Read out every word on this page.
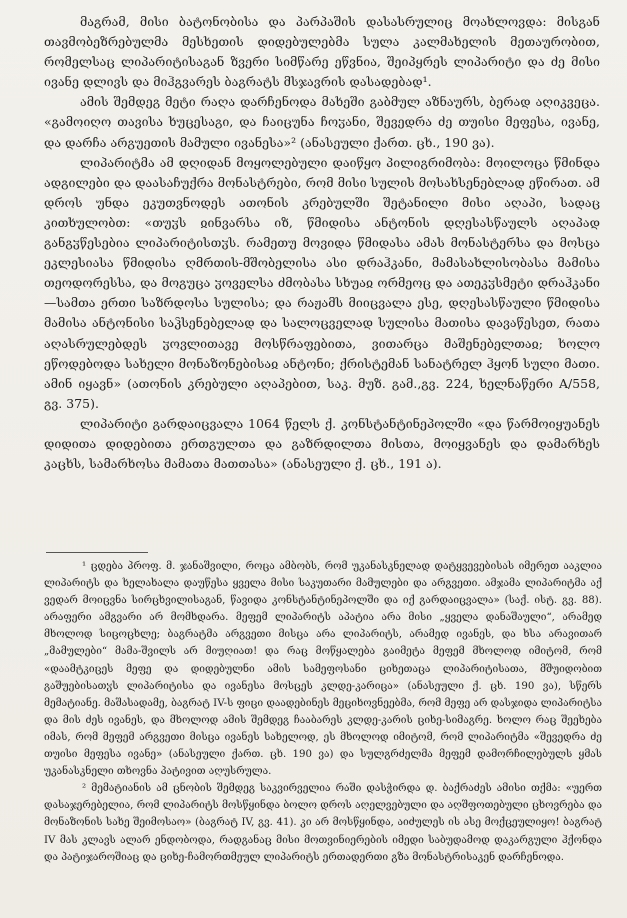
მაგრამ, მისი ბატონობისა და პარპაშის დასასრულიც მოახლოვდა: მისგან თავმობეზრებულმა მესხეთის დიდებულებმა სულა კალმახელის მეთაურობით, რომელსაც ლიპარიტისაგან ზვერი სიმწარე ეწვნია, შეიპყრეს ლიპარიტი და ძე მისი ივანე დლივს და მიჰგვარეს ბაგრატს მსჯავრის დასადებად¹.

ამის შემდეგ მეტი რაღა დარჩენოდა მახეში გაბმულ აზნაურს, ბერად აღიკვეცა. «გამოიღო თავისა ხუცესაგი, და ჩაიცუნა ჩოჳანი, შევედრა ძე თუისი მეფესა, ივანე, და დარჩა არგუეთის მამული ივანესა»² (ანასეული ქართ. ცხ., 190 ვა).

ლიპარიტმა ამ დღიდან მოყოლებული დაიწყო პილიგრიმობა: მოილოცა წმინდა ადგილები და დაასაჩუქრა მონასტრები, რომ მისი სულის მოსახსენებლად ეწირათ. ამ დროს უნდა ეკუთვნოდეს ათონის კრებულში შეტანილი მისი აღაპი, სადაც კითხულობთ: «თუჳს ჲინვარსა იზ, წმიდისა ანტონის დღესასწაულს აღაპად განგჳწესებია ლიპარიტისთჳს. რამეთუ მოვიდა წმიდასა ამას მონასტერსა და მოსცა ეკლესიასა წმიდისა ღმრთის-მშობელისა ასი დრაჰკანი, მამასახლისობასა მამისა თეოდორესსა, და მოგუცა ჳოველსა ძმობასა სხუაჲ ორმეოც და ათეკჳსმეტი დრაჰკანი—სამთა ერთი საზრდოსა სულისა; და რაჟამს მიიცვალა ესე, დღესასწაული წმიდისა მამისა ანტონისი საჴსენებელად და სალოცველად სულისა მათისა დავაწესეთ, რათა აღასრულებდეს ჳოვლითავე მოსწრაფებითა, ვითარცა მაშენებელთაჲ; ხოლო ეწოდებოდა სახელი მონაზონებისაჲ ანტონი; ქრისტემან სანატრელ ჰყონ სული მათი. ამინ იყავნ» (ათონის კრებული აღაპებით, საკ. მუზ. გამ.,გვ. 224, ხელნაწერი A/558, გვ. 375).

ლიპარიტი გარდაიცვალა 1064 წელს ქ. კონსტანტინეპოლში «და წარმოიყუანეს დიდითა დიდებითა ერთგულთა და გაზრდილთა მისთა, მოიყვანეს და დამარხეს კაცხს, სამარხოსა მამათა მათთასა» (ანასეული ქ. ცხ., 191 ა).

¹ ცდება პროფ. მ. ჯანაშვილი, როცა ამბობს, რომ უკანასკნელად დატყვევებისას იმერეთ ააკლია ლიპარიტს და ხელახალა დაუწესა ყველა მისი საკუთარი მამულები და არგვეთი. ამჯამა ლიპარიტმა აქ ვედარ მოიცვნა სირცხვილისაგან, წავიდა კონსტანტინეპოლში და იქ გარდაიცვალა» (საქ. ისტ. გვ. 88). არაფერი ამგვარი არ მომხდარა. მეფემ ლიპარიტს აპატია არა მისი „ყველა დანაშაული“, არამედ მხოლოდ სიცოცხლე; ბაგრატმა არგვეთი მისცა არა ლიპარიტს, არამედ ივანეს, და ხსა არავითარ „მამულები“ მამა-შვილს არ მიუღიათ! და რაც მოწყალება გაიმეტა მეფემ მხოლოდ იმიტომ, რომ «დაამტკიცეს მეფე და დიდებულნი ამის სამეფოსანი ციხეთაცა ლიპარიტისათა, მშუიდობით გაშუებისათჳს ლიპარიტისა და ივანესა მოსცეს კლდე-კარიცა» (ანასეული ქ. ცხ. 190 ვა), სწერს მემატიანე. მაშასადამე, ბაგრატ IV-ს ფიცი დაადებინეს მეციხოვნეებმა, რომ მეფე არ დასჯიდა ლიპარიტსა და მის ძეს ივანეს, და მხოლოდ ამის შემდეგ ჩააბარეს კლდე-კარის ციხე-სიმაგრე. ხოლო რაც შეეხება იმას, რომ მეფემ არგვეთი მისცა ივანეს სახელოდ, ეს მხოლოდ იმიტომ, რომ ლიპარიტმა «შევედრა ძე თუისი მეფესა ივანე» (ანასეული ქართ. ცხ. 190 ვა) და სულგრძელმა მეფემ დამორჩილებულს ყმას უკანასკნელი თხოვნა პატივით აღუსრულა.

² მემატიანის ამ ცნობის შემდეგ საკვირველია რაში დასჭირდა დ. ბაქრაძეს ამისი თქმა: «უერთ დასაჯერებელია, რომ ლიპარიტს მოსწყინდა ბოლო დროს აღელვებული და აღშფოთებული ცხოვრება და მონაზონის სახე შეიმოსაო» (ბაგრატ IV, გვ. 41). კი არ მოსწყინდა, აიძულეს ის ასე მოქცეულიყო! ბაგრატ IV მას კლავს ალარ ენდობოდა, რადგანაც მისი მოთვინიერების იმედი საბუდამოდ დაკარგული ჰქონდა და პატიჯაროშიაც და ციხე-ჩამორთმეულ ლიპარიტს ერთადერთი გზა მონასტრისაკენ დარჩენოდა.
